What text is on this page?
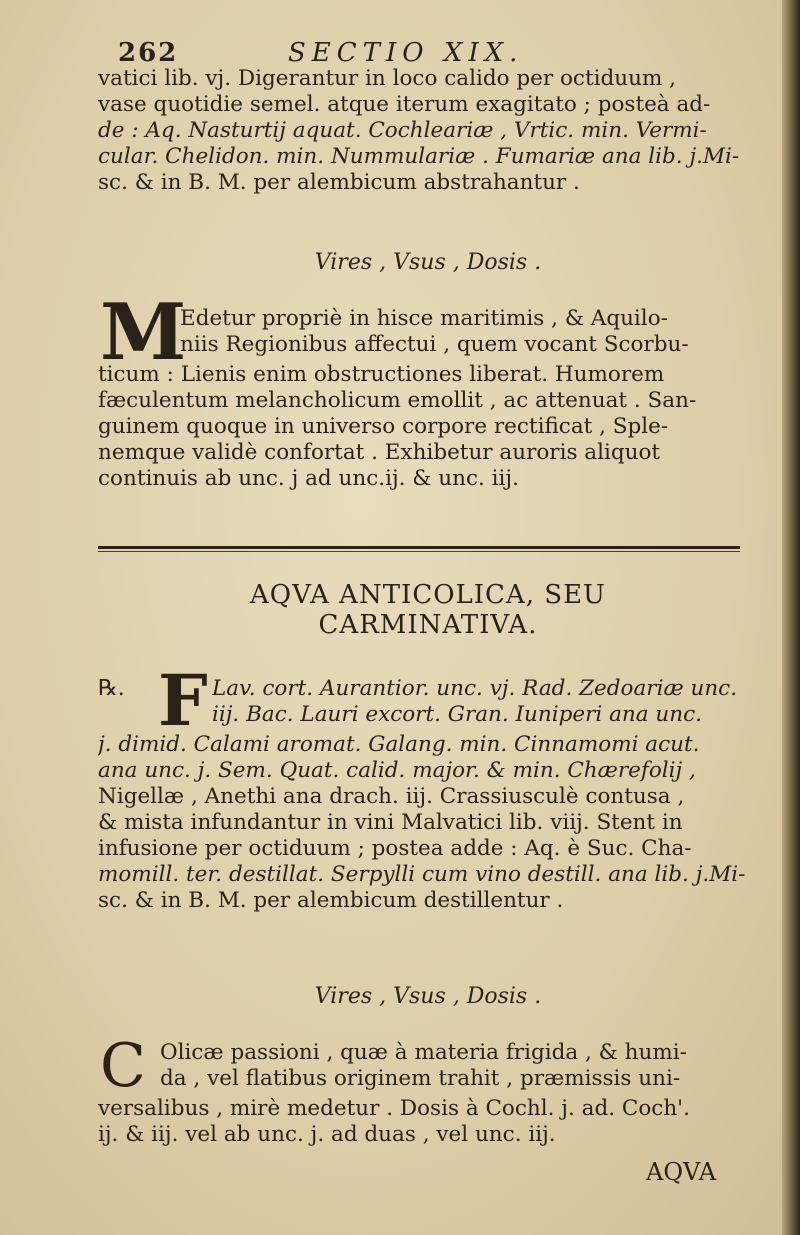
262	SECTIO XIX.
vatici lib. vj. Digerantur in loco calido per octiduum ,
vase quotidie semel. atque iterum exagitato ; posteà ad-
de : Aq. Nasturtij aquat. Cochleariæ , Vrtic. min. Vermi-
cular. Chelidon. min. Nummulariæ . Fumariæ ana lib. j.Mi-
sc. & in B. M. per alembicum abstrahantur .
Vires , Vsus , Dosis .
M
Edetur propriè in hisce maritimis , & Aquilo-
niis Regionibus affectui , quem vocant Scorbu-
ticum : Lienis enim obstructiones liberat. Humorem
fæculentum melancholicum emollit , ac attenuat . San-
guinem quoque in universo corpore rectificat , Sple-
nemque validè confortat . Exhibetur auroris aliquot
continuis ab unc. j ad unc.ij. & unc. iij.
AQVA ANTICOLICA, SEU
CARMINATIVA.
℞. F Lav. cort. Aurantior. unc. vj. Rad. Zedoariæ unc.
iij. Bac. Lauri excort. Gran. Iuniperi ana unc.
j. dimid. Calami aromat. Galang. min. Cinnamomi acut.
ana unc. j. Sem. Quat. calid. major. & min. Chærefolij ,
Nigellæ , Anethi ana drach. iij. Crassiusculè contusa ,
& mista infundantur in vini Malvatici lib. viij. Stent in
infusione per octiduum ; postea adde : Aq. è Suc. Cha-
momill. ter. destillat. Serpylli cum vino destill. ana lib. j.Mi-
sc. & in B. M. per alembicum destillentur .
Vires , Vsus , Dosis .
C Olicæ passioni , quæ à materia frigida , & humi-
da , vel flatibus originem trahit , præmissis uni-
versalibus , mirè medetur . Dosis à Cochl. j. ad. Coch'.
ij. & iij. vel ab unc. j. ad duas , vel unc. iij.
AQVA
